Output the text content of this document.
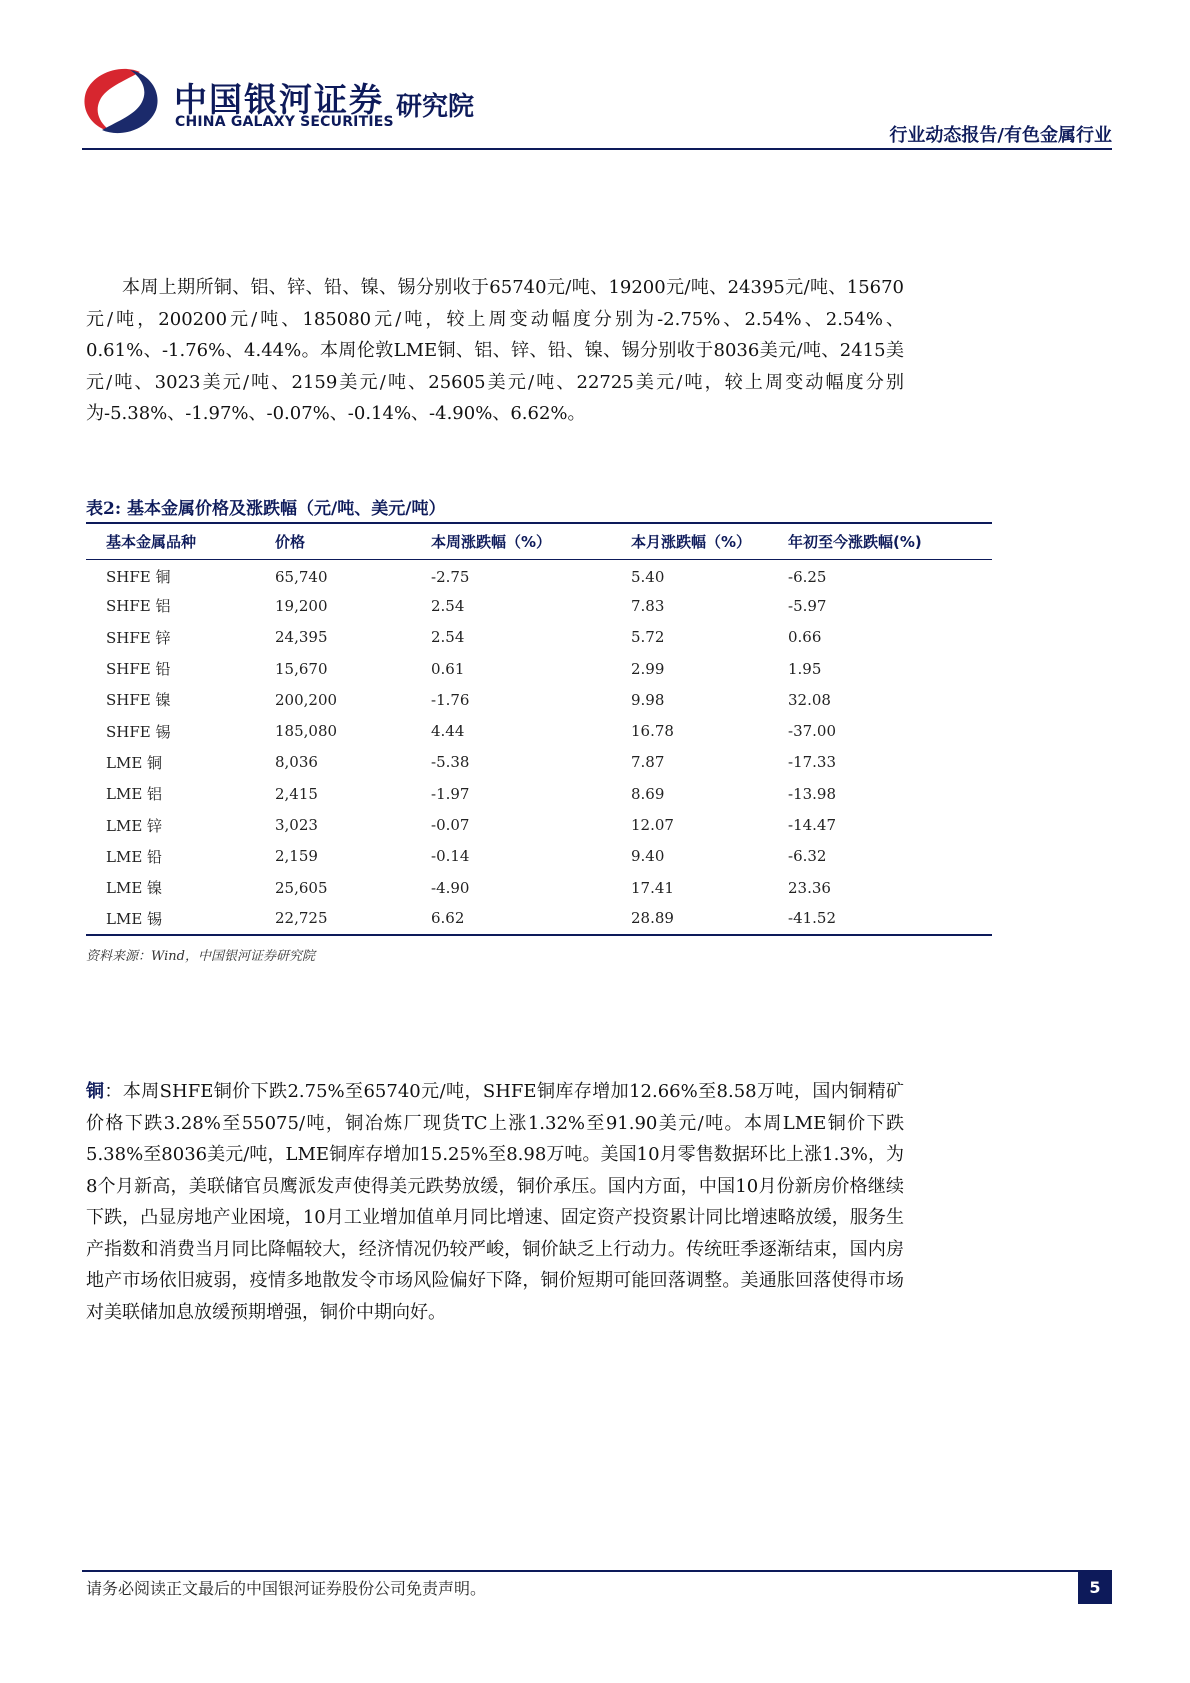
中国银河证券
CHINA GALAXY SECURITIES 研究院
行业动态报告/有色金属行业

本周上期所铜、铝、锌、铅、镍、锡分别收于65740元/吨、19200元/吨、24395元/吨、15670元/吨，200200元/吨、185080元/吨，较上周变动幅度分别为-2.75%、2.54%、2.54%、0.61%、-1.76%、4.44%。本周伦敦LME铜、铝、锌、铅、镍、锡分别收于8036美元/吨、2415美元/吨、3023美元/吨、2159美元/吨、25605美元/吨、22725美元/吨，较上周变动幅度分别为-5.38%、-1.97%、-0.07%、-0.14%、-4.90%、6.62%。

表2: 基本金属价格及涨跌幅（元/吨、美元/吨）
基本金属品种	价格	本周涨跌幅（%）	本月涨跌幅（%）	年初至今涨跌幅(%)
SHFE 铜	65,740	-2.75	5.40	-6.25
SHFE 铝	19,200	2.54	7.83	-5.97
SHFE 锌	24,395	2.54	5.72	0.66
SHFE 铅	15,670	0.61	2.99	1.95
SHFE 镍	200,200	-1.76	9.98	32.08
SHFE 锡	185,080	4.44	16.78	-37.00
LME 铜	8,036	-5.38	7.87	-17.33
LME 铝	2,415	-1.97	8.69	-13.98
LME 锌	3,023	-0.07	12.07	-14.47
LME 铅	2,159	-0.14	9.40	-6.32
LME 镍	25,605	-4.90	17.41	23.36
LME 锡	22,725	6.62	28.89	-41.52
资料来源：Wind，中国银河证券研究院

铜：本周SHFE铜价下跌2.75%至65740元/吨，SHFE铜库存增加12.66%至8.58万吨，国内铜精矿价格下跌3.28%至55075/吨，铜冶炼厂现货TC上涨1.32%至91.90美元/吨。本周LME铜价下跌5.38%至8036美元/吨，LME铜库存增加15.25%至8.98万吨。美国10月零售数据环比上涨1.3%，为8个月新高，美联储官员鹰派发声使得美元跌势放缓，铜价承压。国内方面，中国10月份新房价格继续下跌，凸显房地产业困境，10月工业增加值单月同比增速、固定资产投资累计同比增速略放缓，服务生产指数和消费当月同比降幅较大，经济情况仍较严峻，铜价缺乏上行动力。传统旺季逐渐结束，国内房地产市场依旧疲弱，疫情多地散发令市场风险偏好下降，铜价短期可能回落调整。美通胀回落使得市场对美联储加息放缓预期增强，铜价中期向好。

请务必阅读正文最后的中国银河证券股份公司免责声明。	5
